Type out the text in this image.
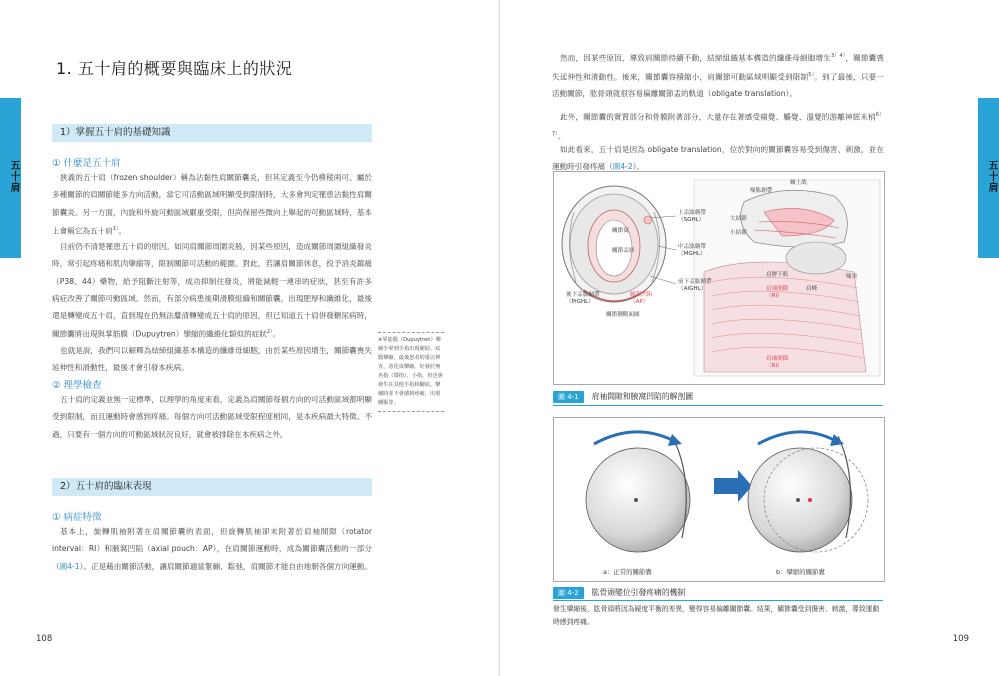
五十肩
1. 五十肩的概要與臨床上的狀況
1）掌握五十肩的基礎知識
① 什麼是五十肩

狹義的五十肩（frozen shoulder）稱為沾黏性肩關節囊炎，但其定義至今仍模稜兩可。屬於多種關節的肩關節能多方向活動，當它可活動區域明顯受到限制時，大多會判定罹患沾黏性肩關節囊炎。另一方面，內旋和外旋可動區域嚴重受限，但尚保留些微向上舉起的可動區域時，基本上會稱它為五十肩$^{1)}$。

目前仍不清楚罹患五十肩的原因。如同肩關節周圍炎般，因某些原因，造成關節周圍組織發炎時，常引起疼痛和肌肉攣縮等，限制關節可活動的範圍。對此，若讓肩關節休息，投予消炎鎮痛（P38、44）藥物，給予阻斷注射等，成功抑制住發炎，將能減輕一連串的症狀，甚至有許多病症改善了關節可動區域。然而，有部分病患後期滑膜組織和關節囊，出現肥厚和纖維化，最後還是轉變成五十肩，直到現在仍無法釐清轉變成五十肩的原因，但已知道五十肩併發糖尿病時，關節囊將出現與掌筋膜（Dupuytren）攣縮的纖維化類似的症狀$^{2)}$。

也就是說，我們可以解釋為結締組織基本構造的纖維母細胞，由於某些原因增生，關節囊喪失延伸性和滑動性，最後才會引發本疾病。

※掌筋膜（Dupuytren）攣縮手掌到手指出現硬結、底膜攣縮，最後患者的重以伸直，惡化成攣縮。好發於無名指（環指）、小指，但也會發生在其他手指和腳底。攣縮時並不會感到疼痛，出現腫脹等。
② 理學檢查

五十肩的定義並無一定標準，以理學的角度來看，定義為肩關節每個方向的可活動區域都明顯受到限制，而且運動時會感到疼痛。每個方向可活動區域受限程度相同，是本疾病最大特徵。不過，只要有一個方向的可動區域狀況良好，就會被排除在本疾病之外。

2）五十肩的臨床表現
① 病症特徵

基本上，旋轉肌袖附著在肩關節囊的表面，但旋轉肌袖卻未附著於肩袖間隙（rotator interval：RI）和腋窩凹陷（axial pouch：AP），在肩關節運動時，成為關節囊活動的一部分（圖4-1）。正是藉由關節活動，讓肩關節適當緊繃、鬆弛，肩關節才能自由地朝各個方向運動。

108
五十肩
109

然而，因某些原因，導致肩關節持續不動，結締組織基本構造的纖維母細胞增生$^{3)4)}$，關節囊喪失延伸性和滑動性。後來，關節囊容積縮小，肩關節可動區域明顯受到限制$^{5)}$。到了最後，只要一活動關節，肱骨頭就很容易偏離關節盂的軌道（obligate translation）。

此外，關節囊的實質部分和骨膜附著部分，大量存在著感受痛覺、觸覺、溫覺的游離神經末梢$^{6)7)}$。

如此看來，五十肩是因為 obligate translation，位於對向的關節囊容易受到傷害、刺激，並在運動時引發疼痛（圖4-2）。

關節窩
關節盂唇
上盂肱韌帶
（SGHL）
中盂肱韌帶
（MGHL）
前下盂肱韌帶
（AIGHL）
後下盂肱韌帶
（PIGHL）
腋窩凹陷
（AP）
關節側側面圖
棘上肌
喙肱韌帶
大結節
小結節
喙突
肩峰
肩袖間隙
（RI）
肩胛下肌
肩袖間隙
（RI）
圖 4-1 肩袖間隙和腋窩凹陷的解剖圖
a：正常的關節囊	b：攣縮的關節囊
圖 4-2 肱骨頭變位引發疼痛的機制

發生攣縮後，肱骨頭將因為硬度平衡的差異，變得容易偏離關節囊。結果，關節囊受到傷害、刺激，導致運動時感到疼痛。
